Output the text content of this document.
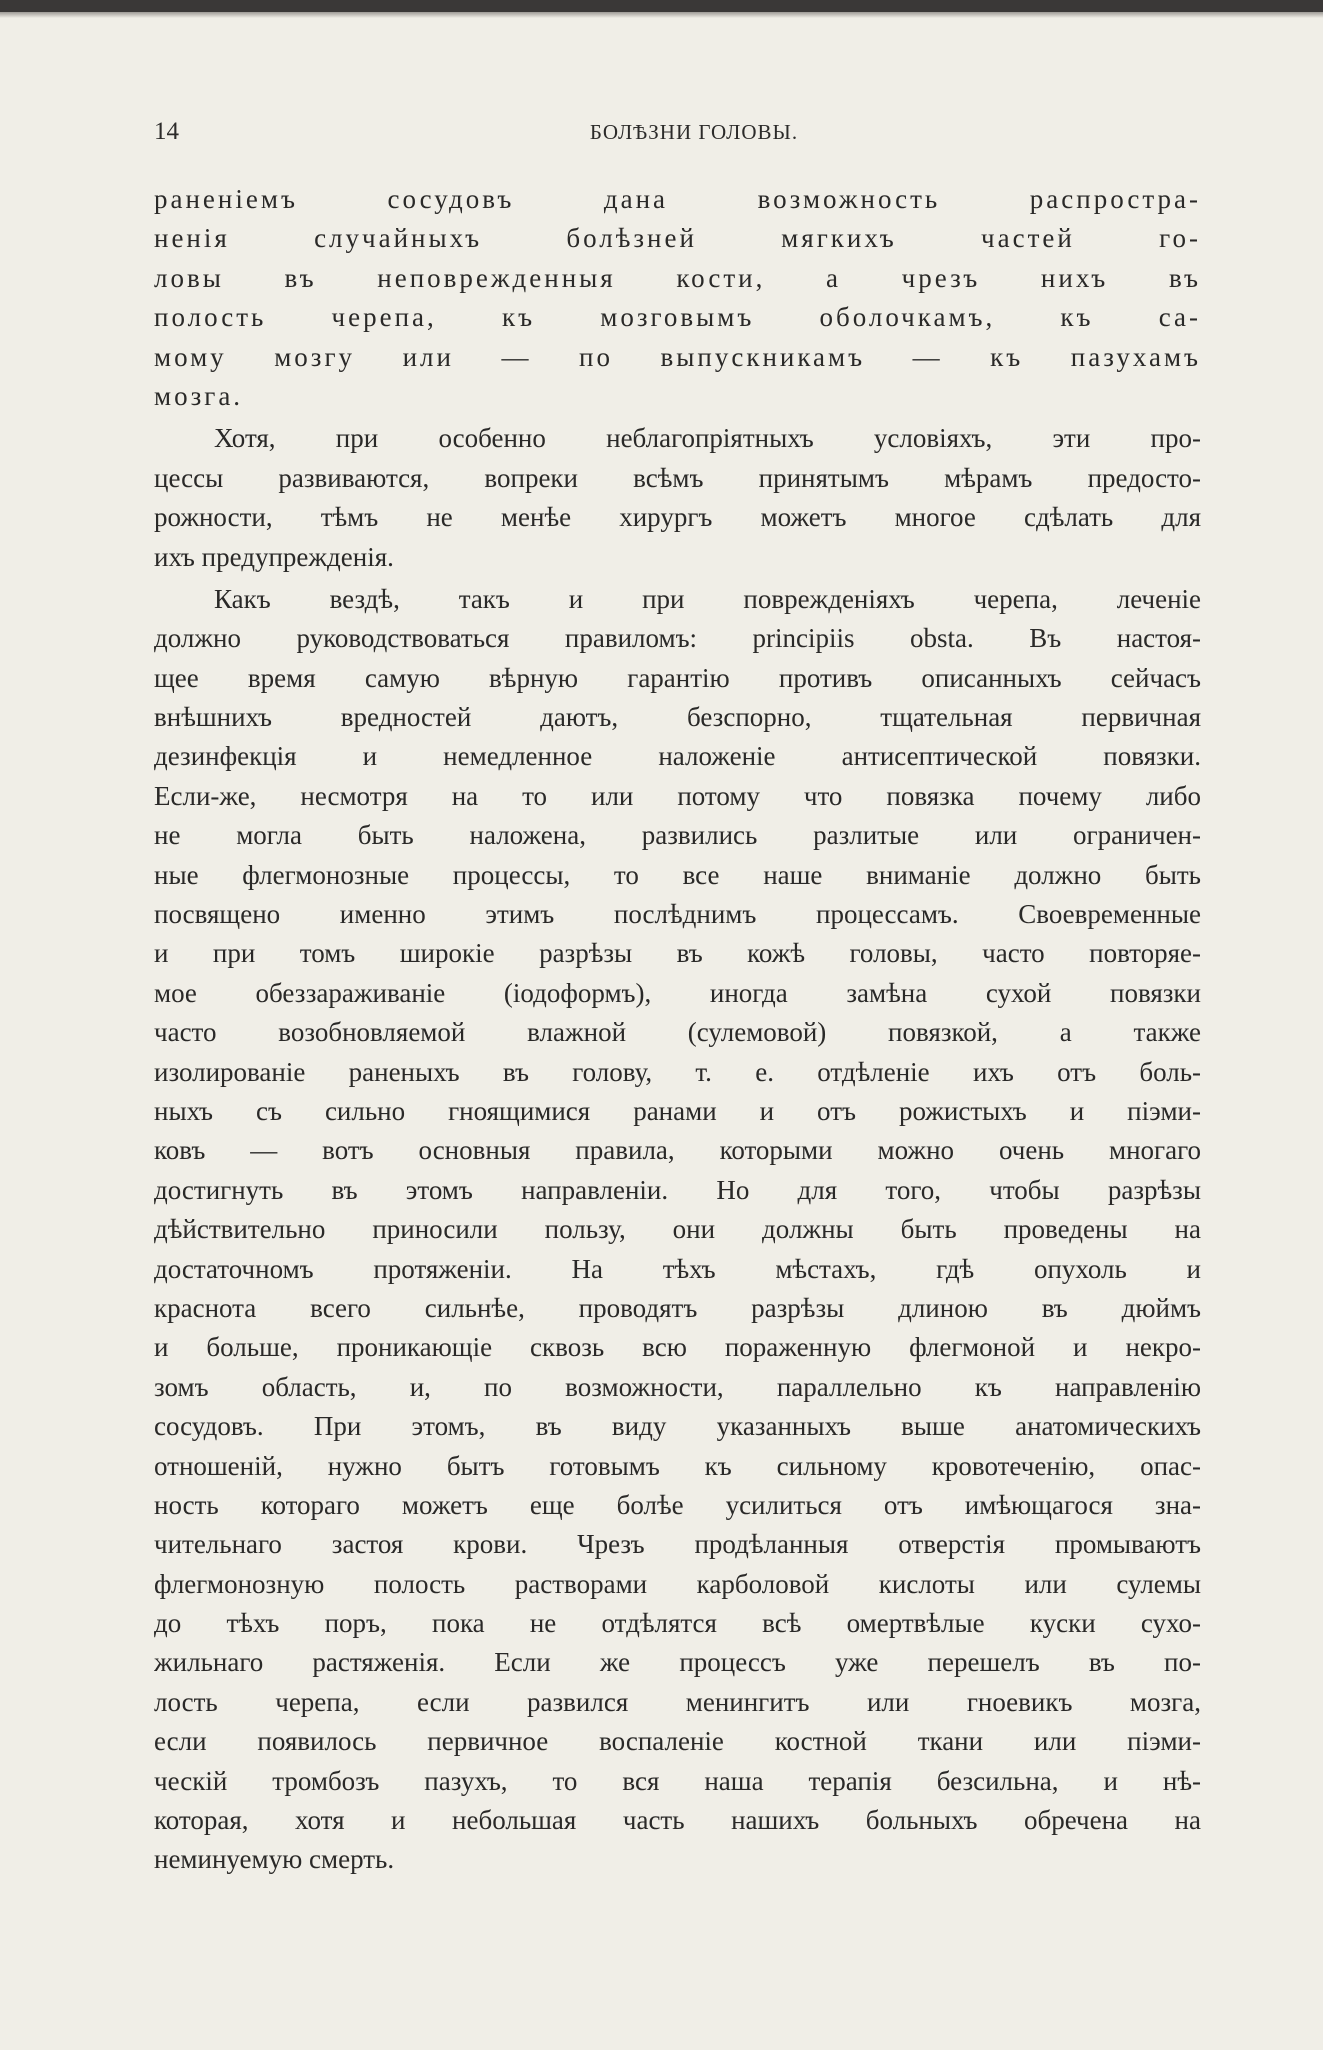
14	БОЛѢЗНИ ГОЛОВЫ.
раненіемъ сосудовъ дана возможность распростра-
ненія случайныхъ болѣзней мягкихъ частей го-
ловы въ неповрежденныя кости, а чрезъ нихъ въ
полость черепа, къ мозговымъ оболочкамъ, къ са-
мому мозгу или — по выпускникамъ — къ пазухамъ
мозга.
Хотя, при особенно неблагопріятныхъ условіяхъ, эти про-
цессы развиваются, вопреки всѣмъ принятымъ мѣрамъ предосто-
рожности, тѣмъ не менѣе хирургъ можетъ многое сдѣлать для
ихъ предупрежденія.
Какъ вездѣ, такъ и при поврежденіяхъ черепа, леченіе
должно руководствоваться правиломъ: principiis obsta. Въ настоя-
щее время самую вѣрную гарантію противъ описанныхъ сейчасъ
внѣшнихъ вредностей даютъ, безспорно, тщательная первичная
дезинфекція и немедленное наложеніе антисептической повязки.
Если-же, несмотря на то или потому что повязка почему либо
не могла быть наложена, развились разлитые или ограничен-
ные флегмонозные процессы, то все наше вниманіе должно быть
посвящено именно этимъ послѣднимъ процессамъ. Своевременные
и при томъ широкіе разрѣзы въ кожѣ головы, часто повторяе-
мое обеззараживаніе (іодоформъ), иногда замѣна сухой повязки
часто возобновляемой влажной (сулемовой) повязкой, а также
изолированіе раненыхъ въ голову, т. е. отдѣленіе ихъ отъ боль-
ныхъ съ сильно гноящимися ранами и отъ рожистыхъ и піэми-
ковъ — вотъ основныя правила, которыми можно очень многаго
достигнуть въ этомъ направленіи. Но для того, чтобы разрѣзы
дѣйствительно приносили пользу, они должны быть проведены на
достаточномъ протяженіи. На тѣхъ мѣстахъ, гдѣ опухоль и
краснота всего сильнѣе, проводятъ разрѣзы длиною въ дюймъ
и больше, проникающіе сквозь всю пораженную флегмоной и некро-
зомъ область, и, по возможности, параллельно къ направленію
сосудовъ. При этомъ, въ виду указанныхъ выше анатомическихъ
отношеній, нужно бытъ готовымъ къ сильному кровотеченію, опас-
ность котораго можетъ еще болѣе усилиться отъ имѣющагося зна-
чительнаго застоя крови. Чрезъ продѣланныя отверстія промываютъ
флегмонозную полость растворами карболовой кислоты или сулемы
до тѣхъ поръ, пока не отдѣлятся всѣ омертвѣлые куски сухо-
жильнаго растяженія. Если же процессъ уже перешелъ въ по-
лость черепа, если развился менингитъ или гноевикъ мозга,
если появилось первичное воспаленіе костной ткани или піэми-
ческій тромбозъ пазухъ, то вся наша терапія безсильна, и нѣ-
которая, хотя и небольшая часть нашихъ больныхъ обречена на
неминуемую смерть.
